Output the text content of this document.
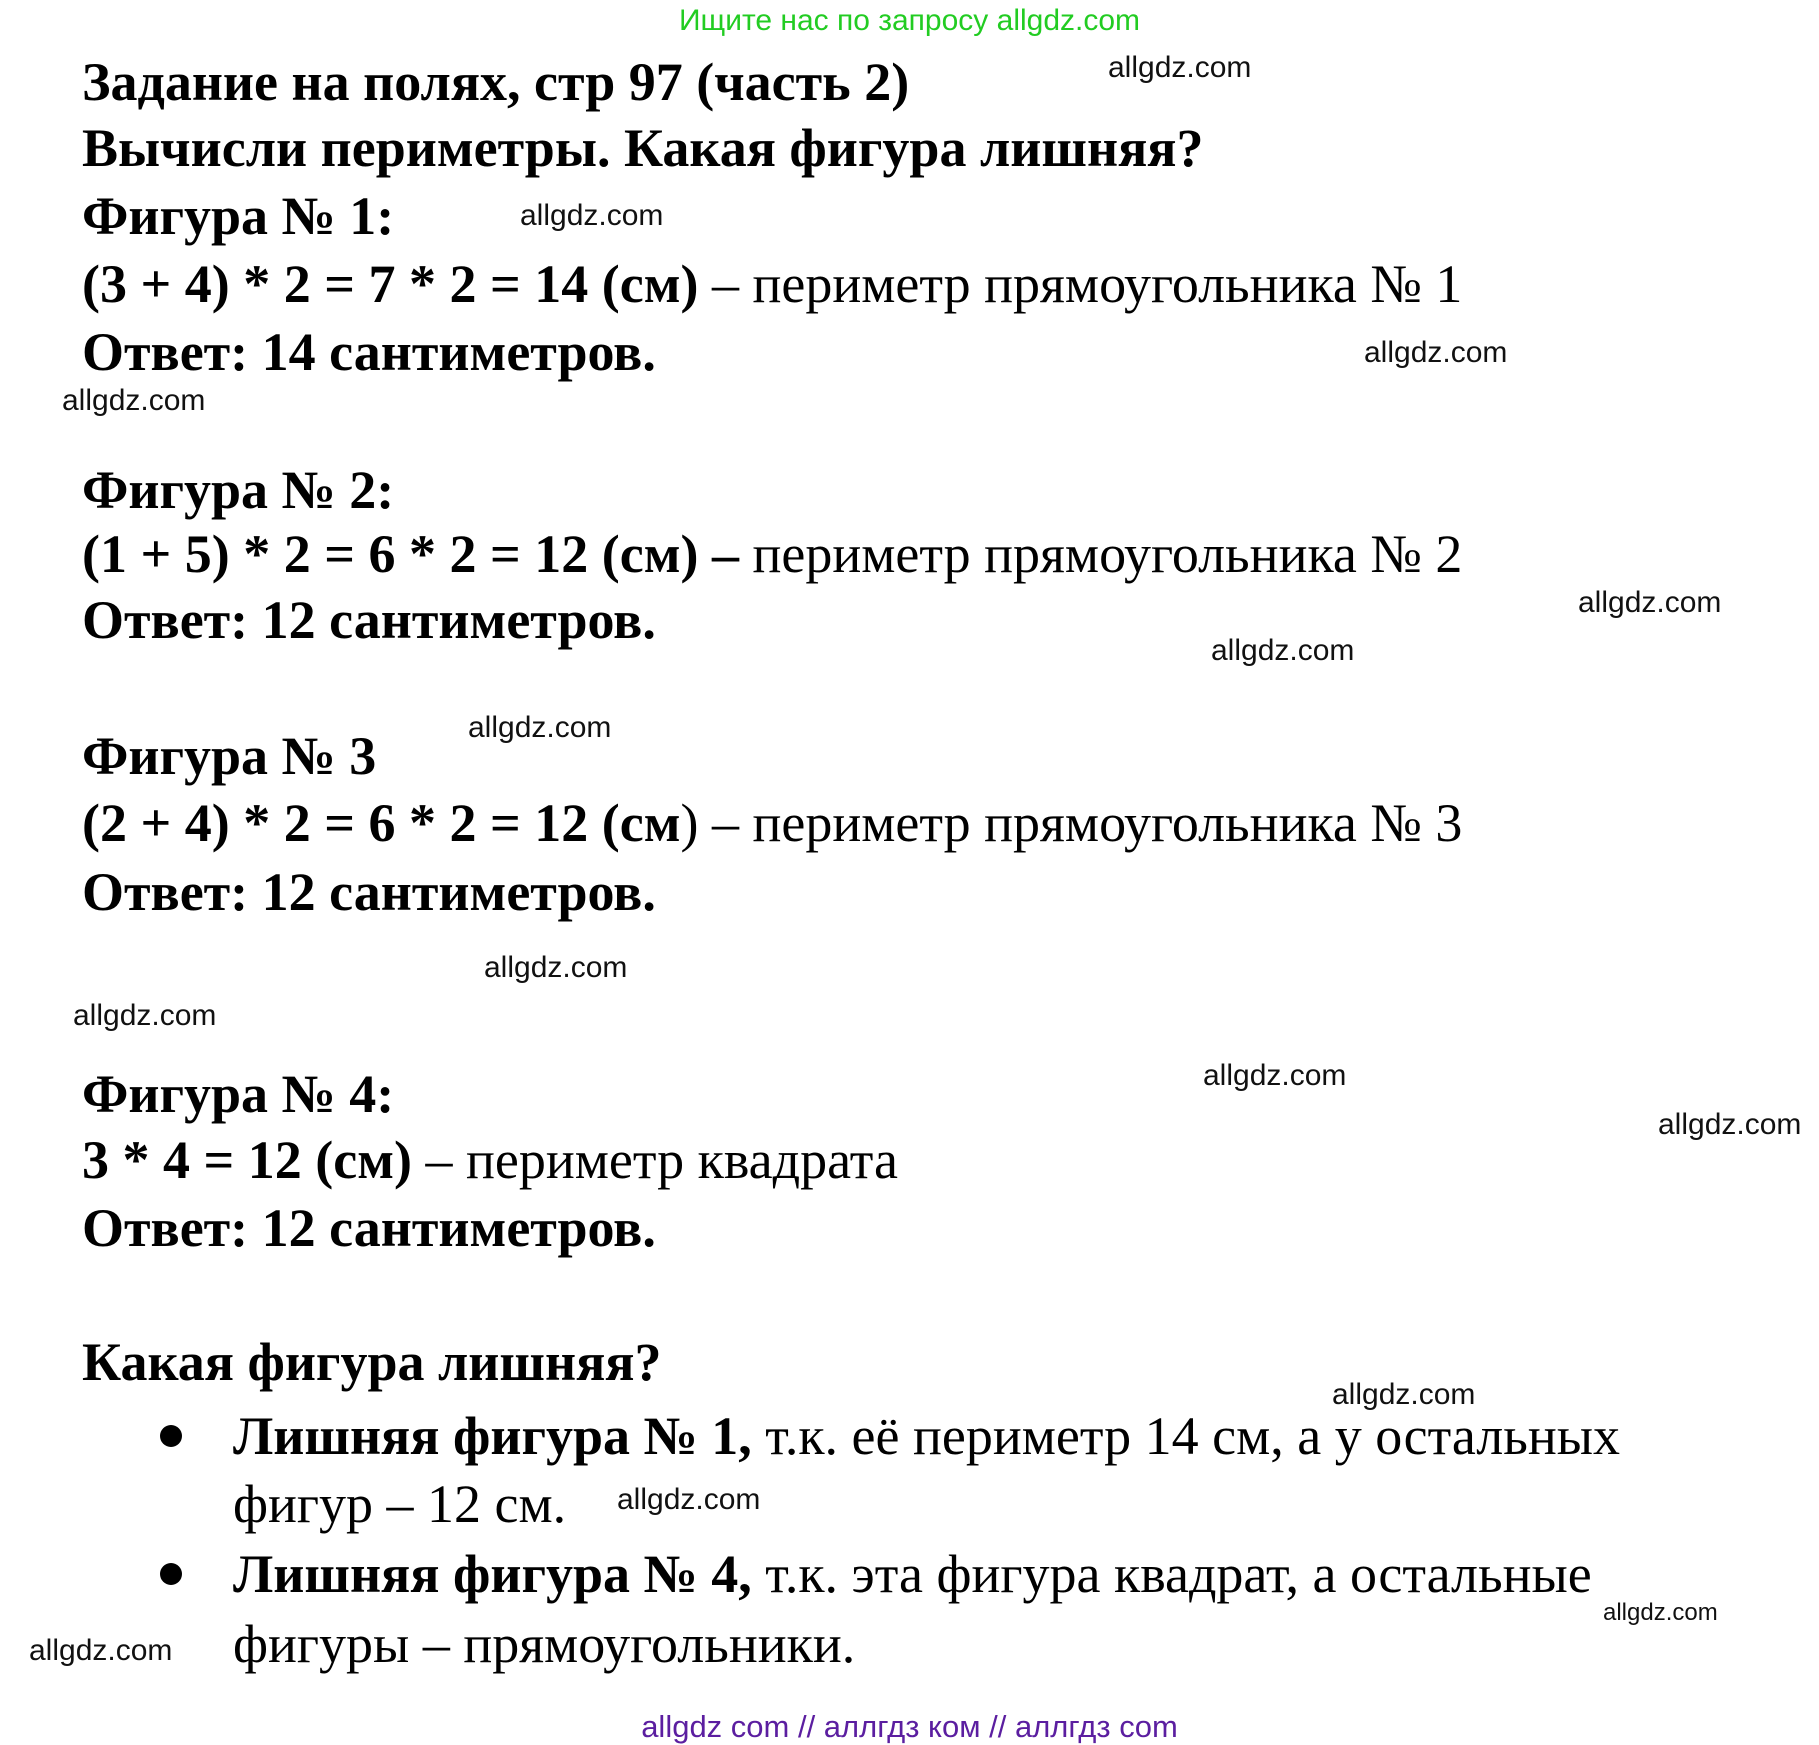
Ищите нас по запросу allgdz.com
Задание на полях, стр 97 (часть 2)
Вычисли периметры. Какая фигура лишняя?
Фигура № 1:
(3 + 4) * 2 = 7 * 2 = 14 (см) – периметр прямоугольника № 1
Ответ: 14 сантиметров.
Фигура № 2:
(1 + 5) * 2 = 6 * 2 = 12 (см) – периметр прямоугольника № 2
Ответ: 12 сантиметров.
Фигура № 3
(2 + 4) * 2 = 6 * 2 = 12 (см) – периметр прямоугольника № 3
Ответ: 12 сантиметров.
Фигура № 4:
3 * 4 = 12 (см) – периметр квадрата
Ответ: 12 сантиметров.
Какая фигура лишняя?
Лишняя фигура № 1, т.к. её периметр 14 см, а у остальных
фигур – 12 см.
Лишняя фигура № 4, т.к. эта фигура квадрат, а остальные
фигуры – прямоугольники.
allgdz.com
allgdz.com
allgdz.com
allgdz.com
allgdz.com
allgdz.com
allgdz.com
allgdz.com
allgdz.com
allgdz.com
allgdz.com
allgdz.com
allgdz.com
allgdz.com
allgdz.com
allgdz com // аллгдз ком // аллгдз com
